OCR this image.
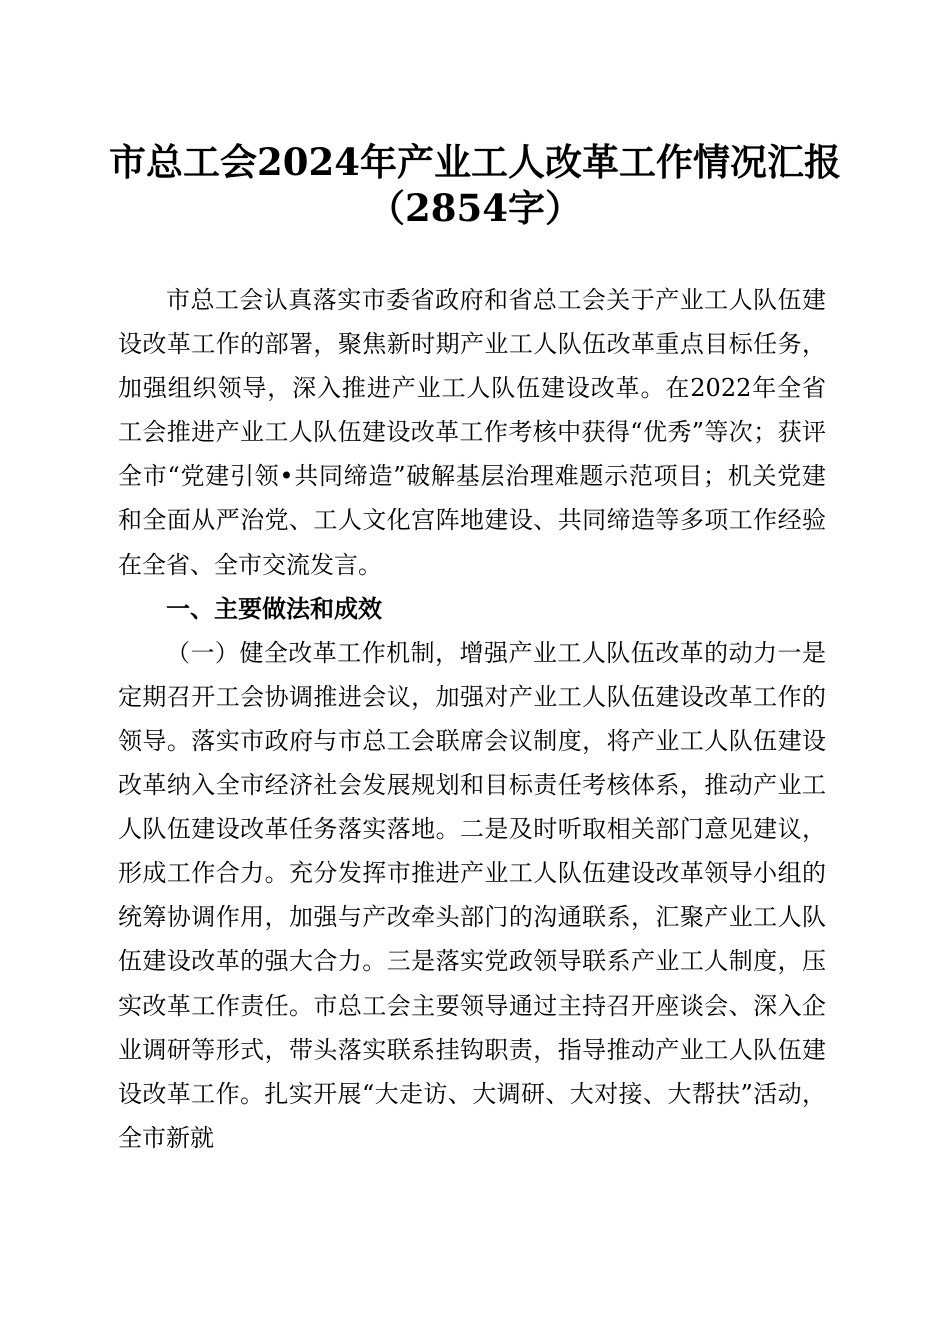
市总工会2024年产业工人改革工作情况汇报
（2854字）

市总工会认真落实市委省政府和省总工会关于产业工人队伍建设改革工作的部署，聚焦新时期产业工人队伍改革重点目标任务，加强组织领导，深入推进产业工人队伍建设改革。在2022年全省工会推进产业工人队伍建设改革工作考核中获得“优秀”等次；获评全市“党建引领•共同缔造”破解基层治理难题示范项目；机关党建和全面从严治党、工人文化宫阵地建设、共同缔造等多项工作经验在全省、全市交流发言。

一、主要做法和成效

（一）健全改革工作机制，增强产业工人队伍改革的动力一是定期召开工会协调推进会议，加强对产业工人队伍建设改革工作的领导。落实市政府与市总工会联席会议制度，将产业工人队伍建设改革纳入全市经济社会发展规划和目标责任考核体系，推动产业工人队伍建设改革任务落实落地。二是及时听取相关部门意见建议，形成工作合力。充分发挥市推进产业工人队伍建设改革领导小组的统筹协调作用，加强与产改牵头部门的沟通联系，汇聚产业工人队伍建设改革的强大合力。三是落实党政领导联系产业工人制度，压实改革工作责任。市总工会主要领导通过主持召开座谈会、深入企业调研等形式，带头落实联系挂钩职责，指导推动产业工人队伍建设改革工作。扎实开展“大走访、大调研、大对接、大帮扶”活动，全市新就
